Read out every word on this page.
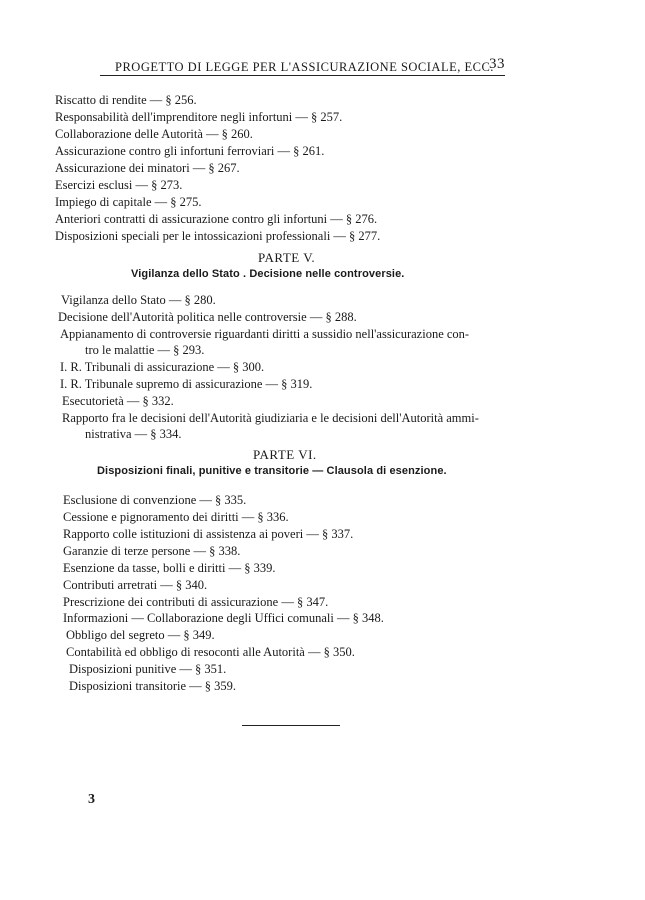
PROGETTO DI LEGGE PER L'ASSICURAZIONE SOCIALE, ECC.
33
Riscatto di rendite — § 256.
Responsabilità dell'imprenditore negli infortuni — § 257.
Collaborazione delle Autorità — § 260.
Assicurazione contro gli infortuni ferroviari — § 261.
Assicurazione dei minatori — § 267.
Esercizi esclusi — § 273.
Impiego di capitale — § 275.
Anteriori contratti di assicurazione contro gli infortuni — § 276.
Disposizioni speciali per le intossicazioni professionali — § 277.
PARTE V.
Vigilanza dello Stato . Decisione nelle controversie.
Vigilanza dello Stato — § 280.
Decisione dell'Autorità politica nelle controversie — § 288.
Appianamento di controversie riguardanti diritti a sussidio nell'assicurazione con-
tro le malattie — § 293.
I. R. Tribunali di assicurazione — § 300.
I. R. Tribunale supremo di assicurazione — § 319.
Esecutorietà — § 332.
Rapporto fra le decisioni dell'Autorità giudiziaria e le decisioni dell'Autorità ammi-
nistrativa — § 334.
PARTE VI.
Disposizioni finali, punitive e transitorie — Clausola di esenzione.
Esclusione di convenzione — § 335.
Cessione e pignoramento dei diritti — § 336.
Rapporto colle istituzioni di assistenza ai poveri — § 337.
Garanzie di terze persone — § 338.
Esenzione da tasse, bolli e diritti — § 339.
Contributi arretrati — § 340.
Prescrizione dei contributi di assicurazione — § 347.
Informazioni — Collaborazione degli Uffici comunali — § 348.
Obbligo del segreto — § 349.
Contabilità ed obbligo di resoconti alle Autorità — § 350.
Disposizioni punitive — § 351.
Disposizioni transitorie — § 359.
3
